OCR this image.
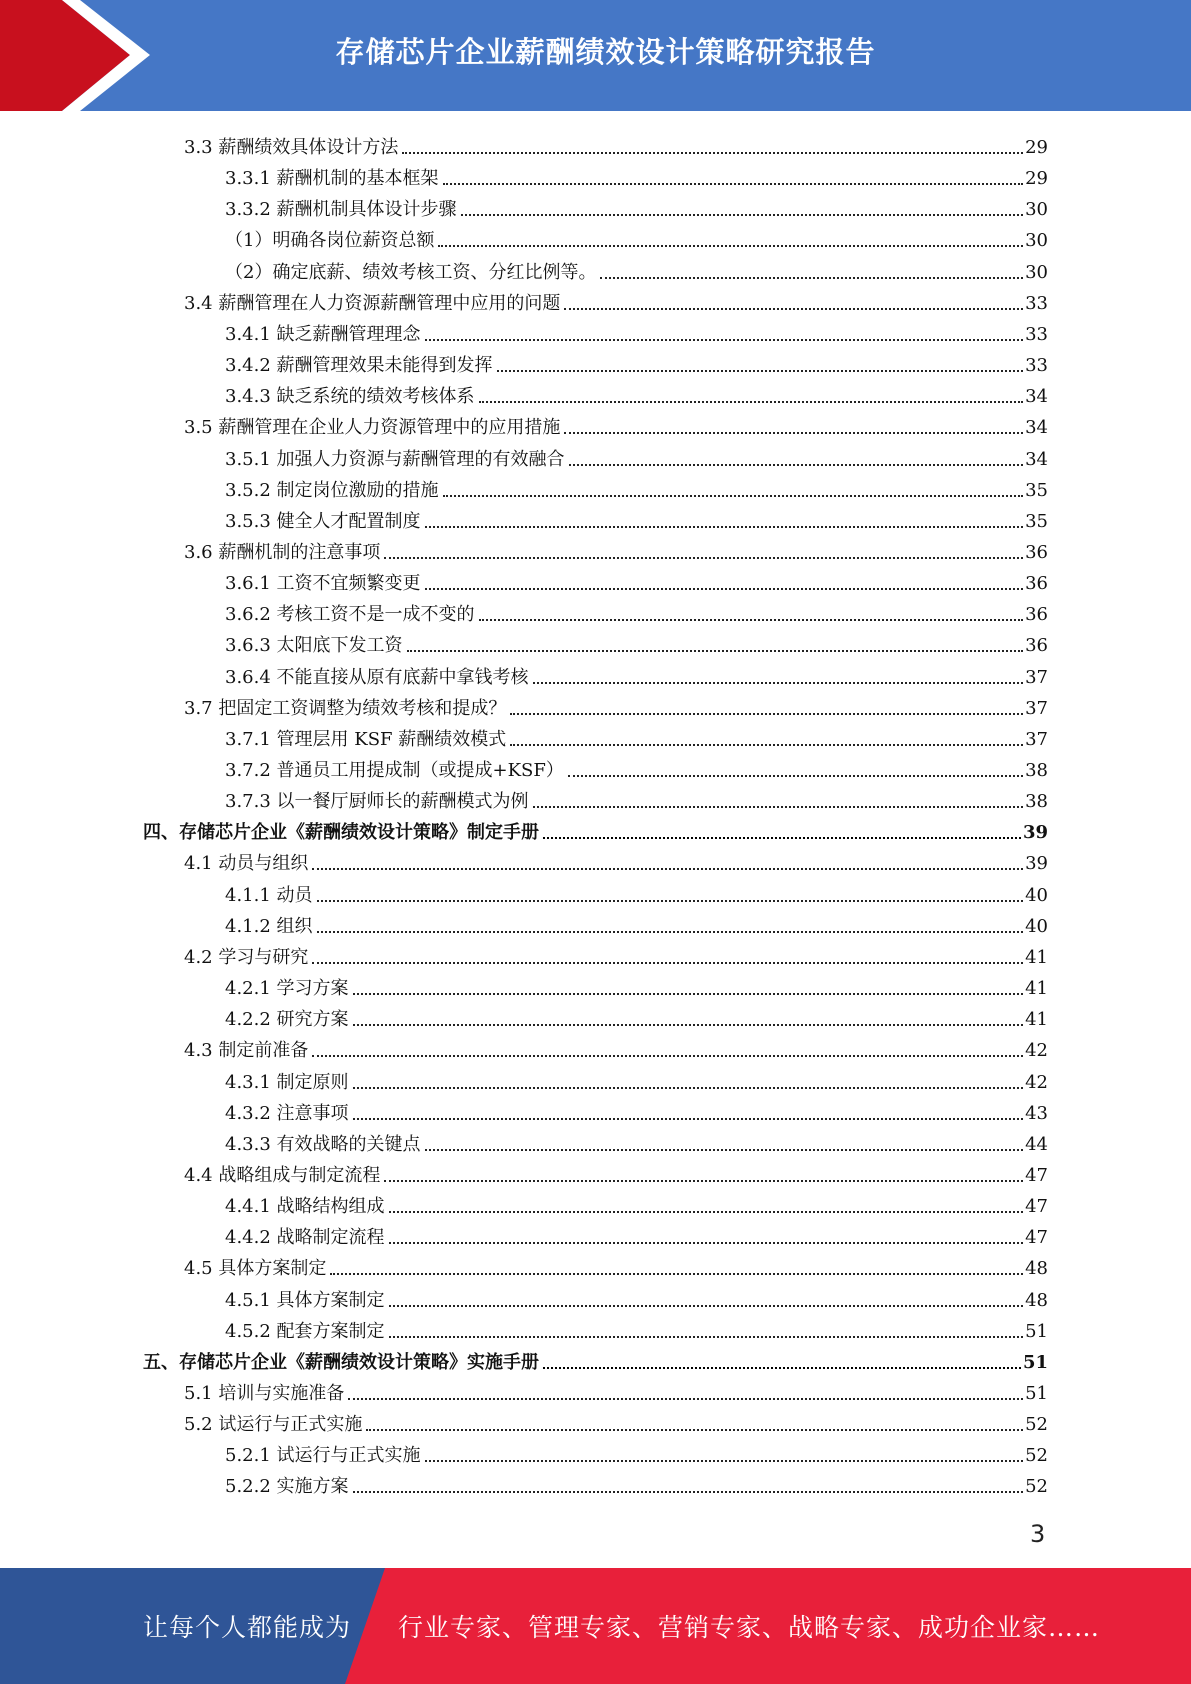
存储芯片企业薪酬绩效设计策略研究报告
3.3 薪酬绩效具体设计方法	29
3.3.1 薪酬机制的基本框架	29
3.3.2 薪酬机制具体设计步骤	30
（1）明确各岗位薪资总额	30
（2）确定底薪、绩效考核工资、分红比例等。	30
3.4 薪酬管理在人力资源薪酬管理中应用的问题	33
3.4.1 缺乏薪酬管理理念	33
3.4.2 薪酬管理效果未能得到发挥	33
3.4.3 缺乏系统的绩效考核体系	34
3.5 薪酬管理在企业人力资源管理中的应用措施	34
3.5.1 加强人力资源与薪酬管理的有效融合	34
3.5.2 制定岗位激励的措施	35
3.5.3 健全人才配置制度	35
3.6 薪酬机制的注意事项	36
3.6.1 工资不宜频繁变更	36
3.6.2 考核工资不是一成不变的	36
3.6.3 太阳底下发工资	36
3.6.4 不能直接从原有底薪中拿钱考核	37
3.7 把固定工资调整为绩效考核和提成？	37
3.7.1 管理层用 KSF 薪酬绩效模式	37
3.7.2 普通员工用提成制（或提成+KSF）	38
3.7.3 以一餐厅厨师长的薪酬模式为例	38
四、存储芯片企业《薪酬绩效设计策略》制定手册	39
4.1 动员与组织	39
4.1.1 动员	40
4.1.2 组织	40
4.2 学习与研究	41
4.2.1 学习方案	41
4.2.2 研究方案	41
4.3 制定前准备	42
4.3.1 制定原则	42
4.3.2 注意事项	43
4.3.3 有效战略的关键点	44
4.4 战略组成与制定流程	47
4.4.1 战略结构组成	47
4.4.2 战略制定流程	47
4.5 具体方案制定	48
4.5.1 具体方案制定	48
4.5.2 配套方案制定	51
五、存储芯片企业《薪酬绩效设计策略》实施手册	51
5.1 培训与实施准备	51
5.2 试运行与正式实施	52
5.2.1 试运行与正式实施	52
5.2.2 实施方案	52
3
让每个人都能成为 行业专家、管理专家、营销专家、战略专家、成功企业家……
